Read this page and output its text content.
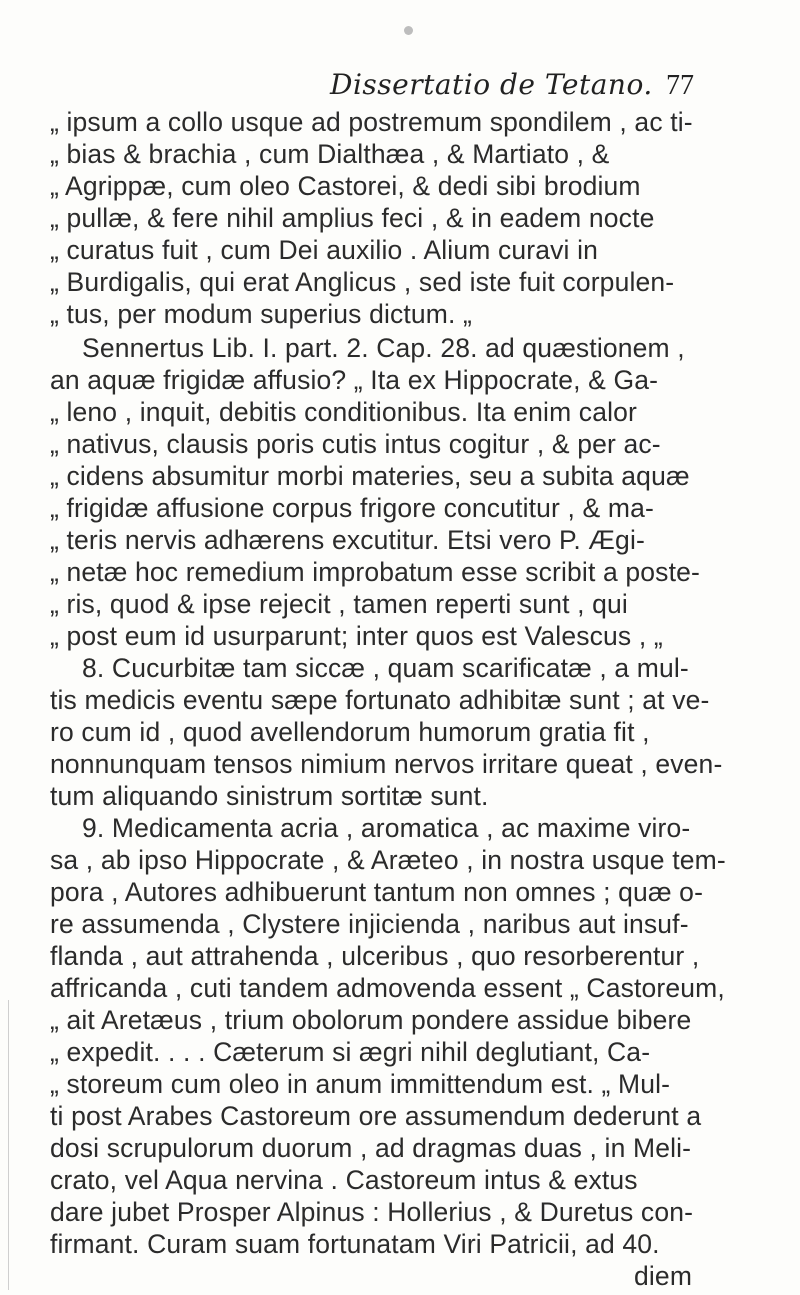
Dissertatio de Tetano. 77
„ ipsum a collo usque ad postremum spondilem , ac ti-
„ bias & brachia , cum Dialthæa , & Martiato , &
„ Agrippæ, cum oleo Castorei, & dedi sibi brodium
„ pullæ, & fere nihil amplius feci , & in eadem nocte
„ curatus fuit , cum Dei auxilio . Alium curavi in
„ Burdigalis, qui erat Anglicus , sed iste fuit corpulen-
„ tus, per modum superius dictum. „
Sennertus Lib. I. part. 2. Cap. 28. ad quæstionem ,
an aquæ frigidæ affusio? „ Ita ex Hippocrate, & Ga-
„ leno , inquit, debitis conditionibus. Ita enim calor
„ nativus, clausis poris cutis intus cogitur , & per ac-
„ cidens absumitur morbi materies, seu a subita aquæ
„ frigidæ affusione corpus frigore concutitur , & ma-
„ teris nervis adhærens excutitur. Etsi vero P. Ægi-
„ netæ hoc remedium improbatum esse scribit a poste-
„ ris, quod & ipse rejecit , tamen reperti sunt , qui
„ post eum id usurparunt; inter quos est Valescus , „
8. Cucurbitæ tam siccæ , quam scarificatæ , a mul-
tis medicis eventu sæpe fortunato adhibitæ sunt ; at ve-
ro cum id , quod avellendorum humorum gratia fit ,
nonnunquam tensos nimium nervos irritare queat , even-
tum aliquando sinistrum sortitæ sunt.
9. Medicamenta acria , aromatica , ac maxime viro-
sa , ab ipso Hippocrate , & Aræteo , in nostra usque tem-
pora , Autores adhibuerunt tantum non omnes ; quæ o-
re assumenda , Clystere injicienda , naribus aut insuf-
flanda , aut attrahenda , ulceribus , quo resorberentur ,
affricanda , cuti tandem admovenda essent „ Castoreum,
„ ait Aretæus , trium obolorum pondere assidue bibere
„ expedit. . . . Cæterum si ægri nihil deglutiant, Ca-
„ storeum cum oleo in anum immittendum est. „ Mul-
ti post Arabes Castoreum ore assumendum dederunt a
dosi scrupulorum duorum , ad dragmas duas , in Meli-
crato, vel Aqua nervina . Castoreum intus & extus
dare jubet Prosper Alpinus : Hollerius , & Duretus con-
firmant. Curam suam fortunatam Viri Patricii, ad 40.
diem
